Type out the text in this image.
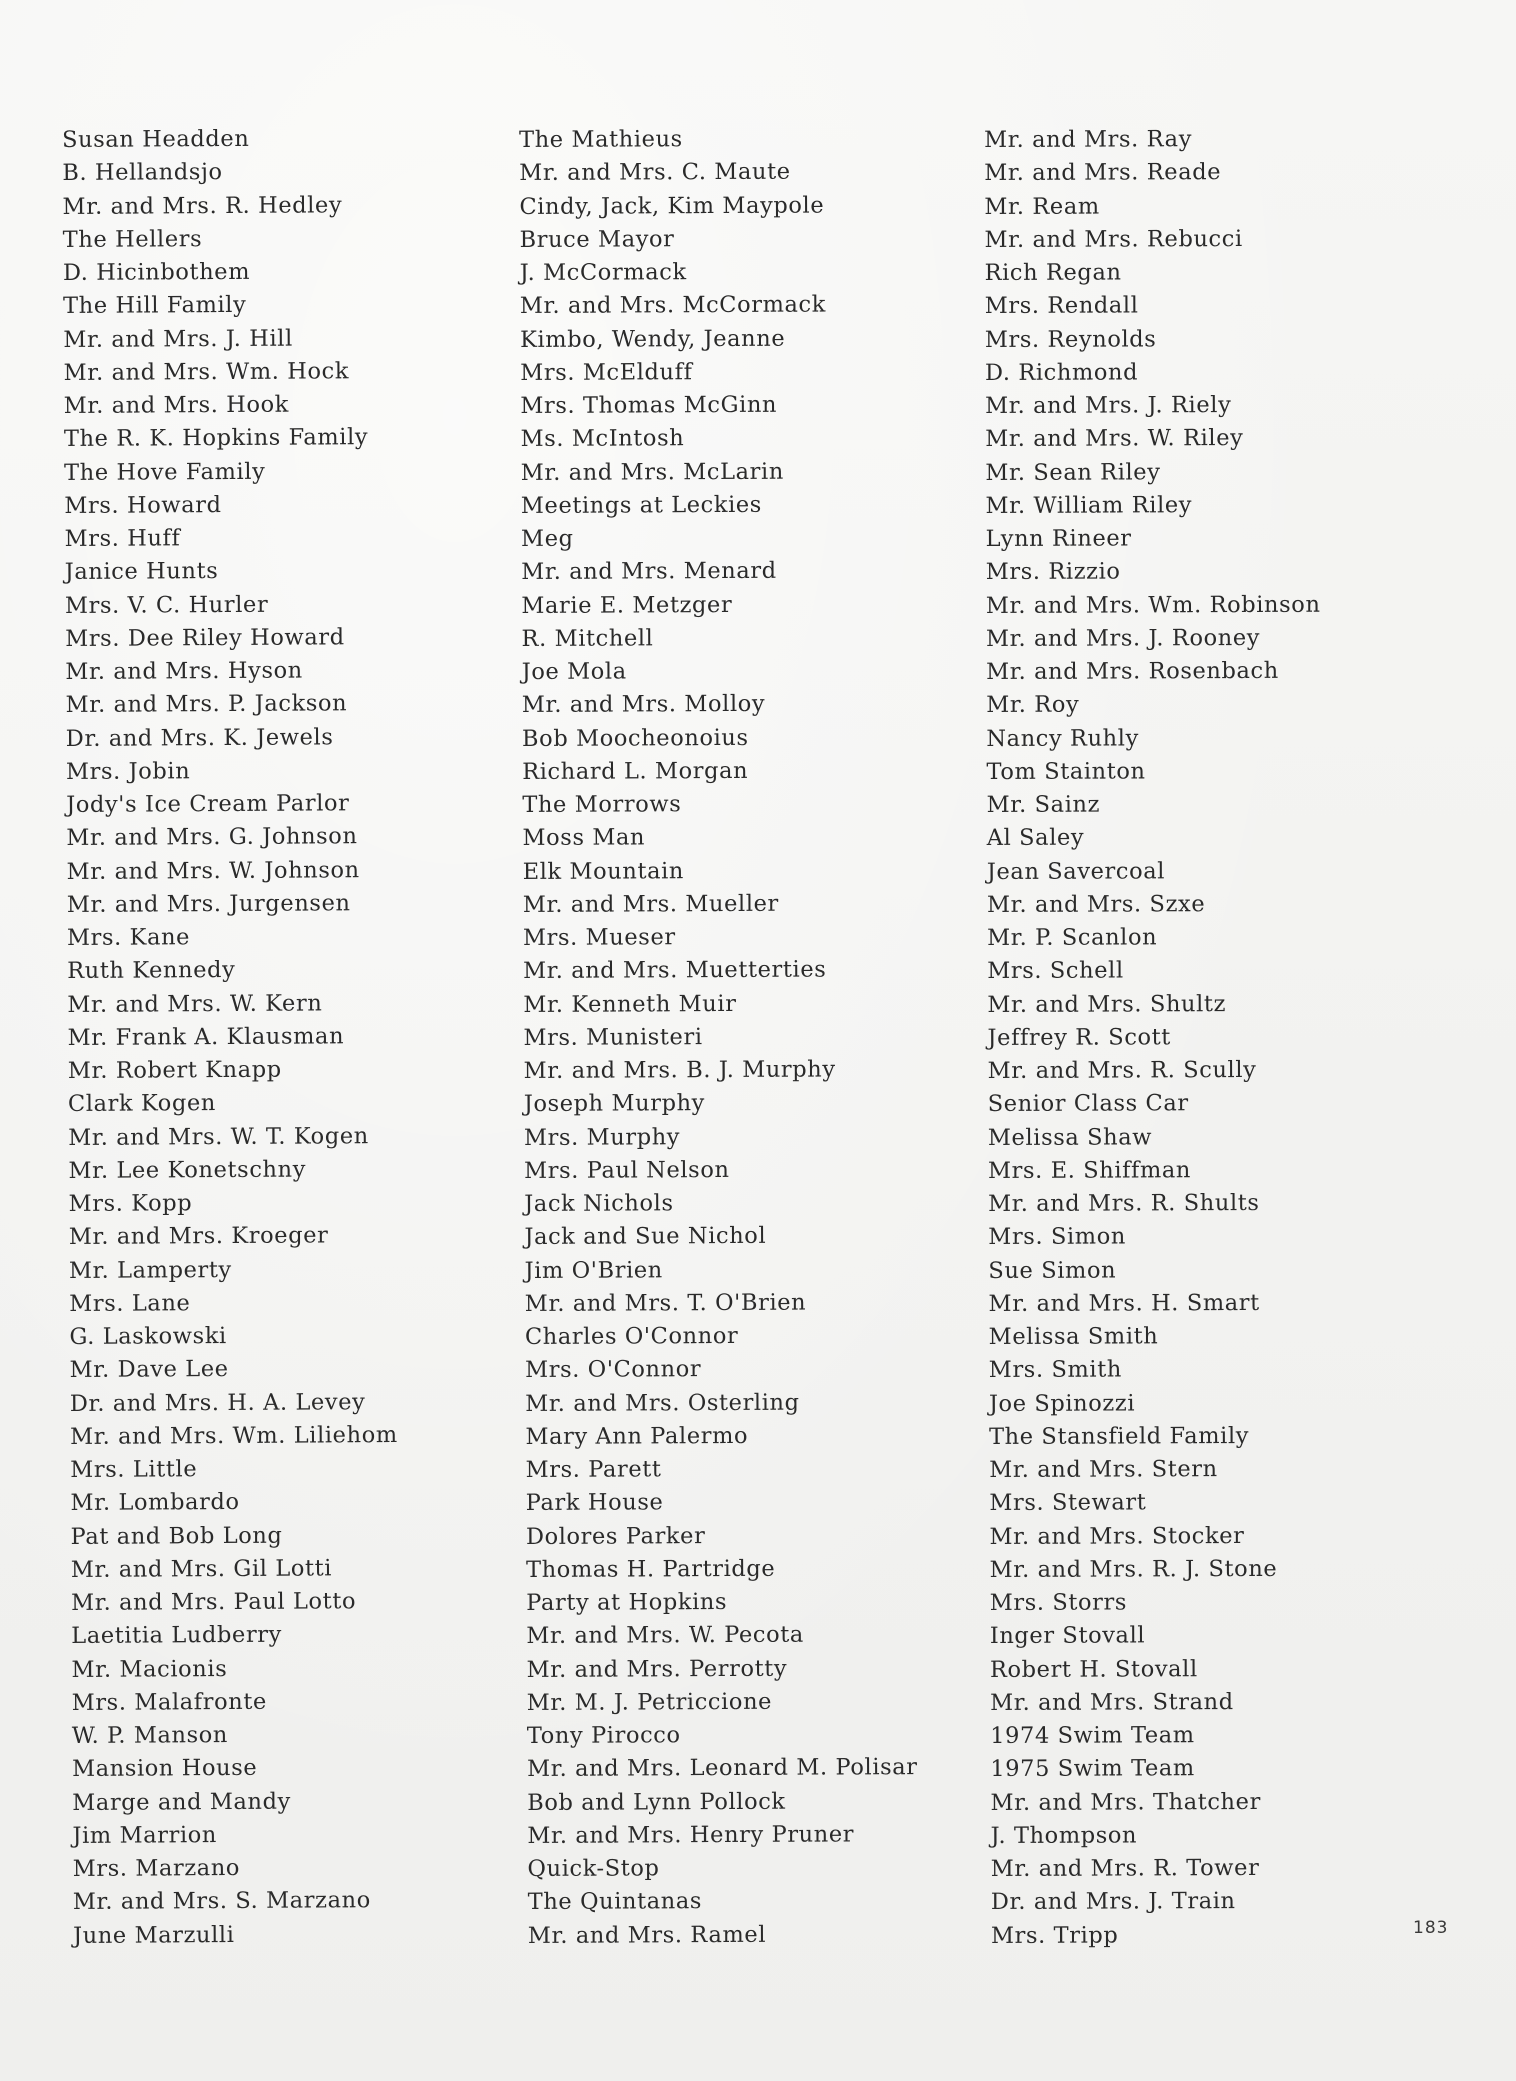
Susan Headden
B. Hellandsjo
Mr. and Mrs. R. Hedley
The Hellers
D. Hicinbothem
The Hill Family
Mr. and Mrs. J. Hill
Mr. and Mrs. Wm. Hock
Mr. and Mrs. Hook
The R. K. Hopkins Family
The Hove Family
Mrs. Howard
Mrs. Huff
Janice Hunts
Mrs. V. C. Hurler
Mrs. Dee Riley Howard
Mr. and Mrs. Hyson
Mr. and Mrs. P. Jackson
Dr. and Mrs. K. Jewels
Mrs. Jobin
Jody's Ice Cream Parlor
Mr. and Mrs. G. Johnson
Mr. and Mrs. W. Johnson
Mr. and Mrs. Jurgensen
Mrs. Kane
Ruth Kennedy
Mr. and Mrs. W. Kern
Mr. Frank A. Klausman
Mr. Robert Knapp
Clark Kogen
Mr. and Mrs. W. T. Kogen
Mr. Lee Konetschny
Mrs. Kopp
Mr. and Mrs. Kroeger
Mr. Lamperty
Mrs. Lane
G. Laskowski
Mr. Dave Lee
Dr. and Mrs. H. A. Levey
Mr. and Mrs. Wm. Liliehom
Mrs. Little
Mr. Lombardo
Pat and Bob Long
Mr. and Mrs. Gil Lotti
Mr. and Mrs. Paul Lotto
Laetitia Ludberry
Mr. Macionis
Mrs. Malafronte
W. P. Manson
Mansion House
Marge and Mandy
Jim Marrion
Mrs. Marzano
Mr. and Mrs. S. Marzano
June Marzulli
The Mathieus
Mr. and Mrs. C. Maute
Cindy, Jack, Kim Maypole
Bruce Mayor
J. McCormack
Mr. and Mrs. McCormack
Kimbo, Wendy, Jeanne
Mrs. McElduff
Mrs. Thomas McGinn
Ms. McIntosh
Mr. and Mrs. McLarin
Meetings at Leckies
Meg
Mr. and Mrs. Menard
Marie E. Metzger
R. Mitchell
Joe Mola
Mr. and Mrs. Molloy
Bob Moocheonoius
Richard L. Morgan
The Morrows
Moss Man
Elk Mountain
Mr. and Mrs. Mueller
Mrs. Mueser
Mr. and Mrs. Muetterties
Mr. Kenneth Muir
Mrs. Munisteri
Mr. and Mrs. B. J. Murphy
Joseph Murphy
Mrs. Murphy
Mrs. Paul Nelson
Jack Nichols
Jack and Sue Nichol
Jim O'Brien
Mr. and Mrs. T. O'Brien
Charles O'Connor
Mrs. O'Connor
Mr. and Mrs. Osterling
Mary Ann Palermo
Mrs. Parett
Park House
Dolores Parker
Thomas H. Partridge
Party at Hopkins
Mr. and Mrs. W. Pecota
Mr. and Mrs. Perrotty
Mr. M. J. Petriccione
Tony Pirocco
Mr. and Mrs. Leonard M. Polisar
Bob and Lynn Pollock
Mr. and Mrs. Henry Pruner
Quick-Stop
The Quintanas
Mr. and Mrs. Ramel
Mr. and Mrs. Ray
Mr. and Mrs. Reade
Mr. Ream
Mr. and Mrs. Rebucci
Rich Regan
Mrs. Rendall
Mrs. Reynolds
D. Richmond
Mr. and Mrs. J. Riely
Mr. and Mrs. W. Riley
Mr. Sean Riley
Mr. William Riley
Lynn Rineer
Mrs. Rizzio
Mr. and Mrs. Wm. Robinson
Mr. and Mrs. J. Rooney
Mr. and Mrs. Rosenbach
Mr. Roy
Nancy Ruhly
Tom Stainton
Mr. Sainz
Al Saley
Jean Savercoal
Mr. and Mrs. Szxe
Mr. P. Scanlon
Mrs. Schell
Mr. and Mrs. Shultz
Jeffrey R. Scott
Mr. and Mrs. R. Scully
Senior Class Car
Melissa Shaw
Mrs. E. Shiffman
Mr. and Mrs. R. Shults
Mrs. Simon
Sue Simon
Mr. and Mrs. H. Smart
Melissa Smith
Mrs. Smith
Joe Spinozzi
The Stansfield Family
Mr. and Mrs. Stern
Mrs. Stewart
Mr. and Mrs. Stocker
Mr. and Mrs. R. J. Stone
Mrs. Storrs
Inger Stovall
Robert H. Stovall
Mr. and Mrs. Strand
1974 Swim Team
1975 Swim Team
Mr. and Mrs. Thatcher
J. Thompson
Mr. and Mrs. R. Tower
Dr. and Mrs. J. Train
Mrs. Tripp	183
